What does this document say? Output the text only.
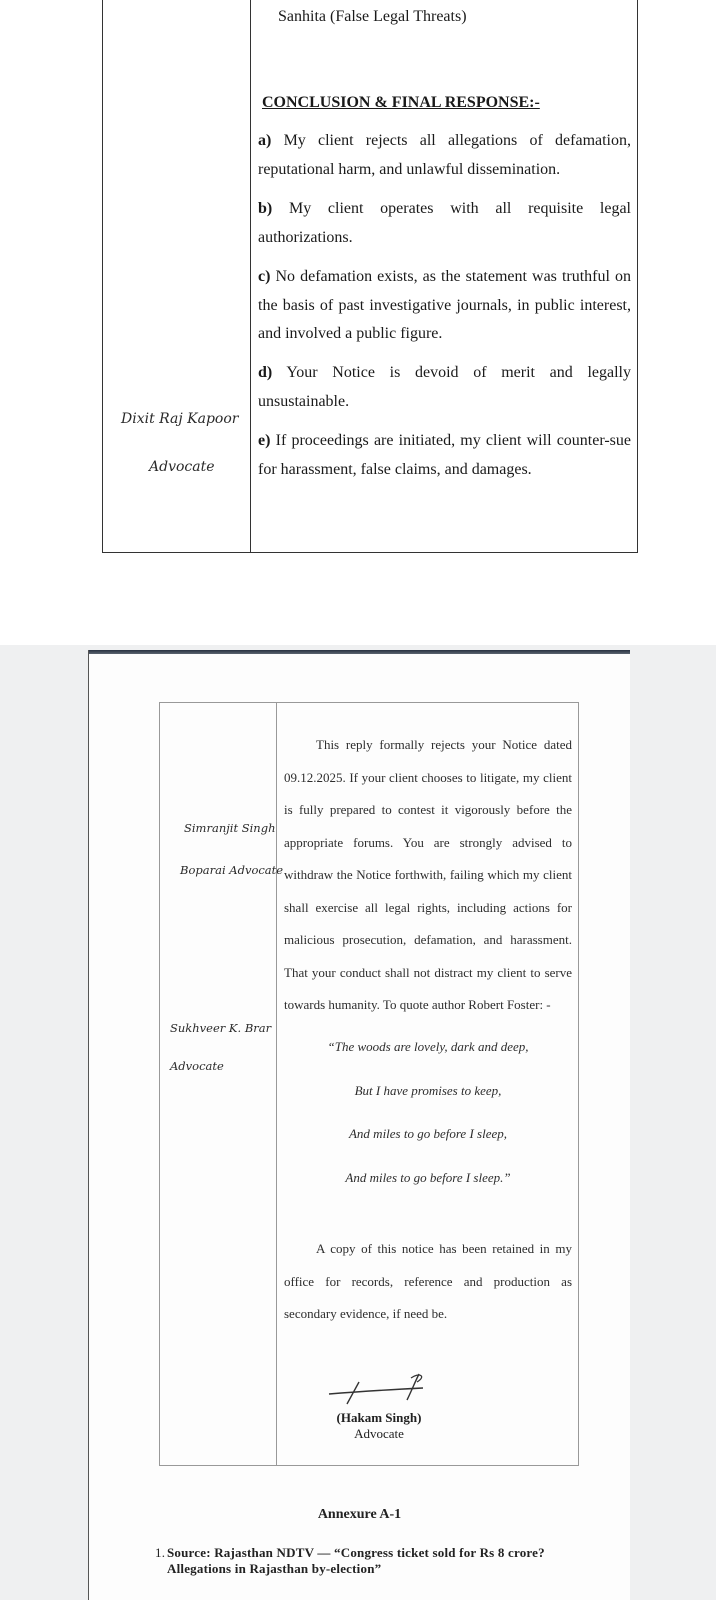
Dixit Raj Kapoor
Advocate
Sanhita (False Legal Threats)
CONCLUSION & FINAL RESPONSE:-
a) My client rejects all allegations of defamation, reputational harm, and unlawful dissemination.
b) My client operates with all requisite legal authorizations.
c) No defamation exists, as the statement was truthful on the basis of past investigative journals, in public interest, and involved a public figure.
d) Your Notice is devoid of merit and legally unsustainable.
e) If proceedings are initiated, my client will counter-sue for harassment, false claims, and damages.
Simranjit Singh
Boparai Advocate
Sukhveer K. Brar
Advocate
This reply formally rejects your Notice dated 09.12.2025. If your client chooses to litigate, my client is fully prepared to contest it vigorously before the appropriate forums. You are strongly advised to withdraw the Notice forthwith, failing which my client shall exercise all legal rights, including actions for malicious prosecution, defamation, and harassment. That your conduct shall not distract my client to serve towards humanity. To quote author Robert Foster: -
“The woods are lovely, dark and deep,
But I have promises to keep,
And miles to go before I sleep,
And miles to go before I sleep.”
A copy of this notice has been retained in my office for records, reference and production as secondary evidence, if need be.
(Hakam Singh)
Advocate
Annexure A-1
1. Source: Rajasthan NDTV — “Congress ticket sold for Rs 8 crore? Allegations in Rajasthan by-election”
